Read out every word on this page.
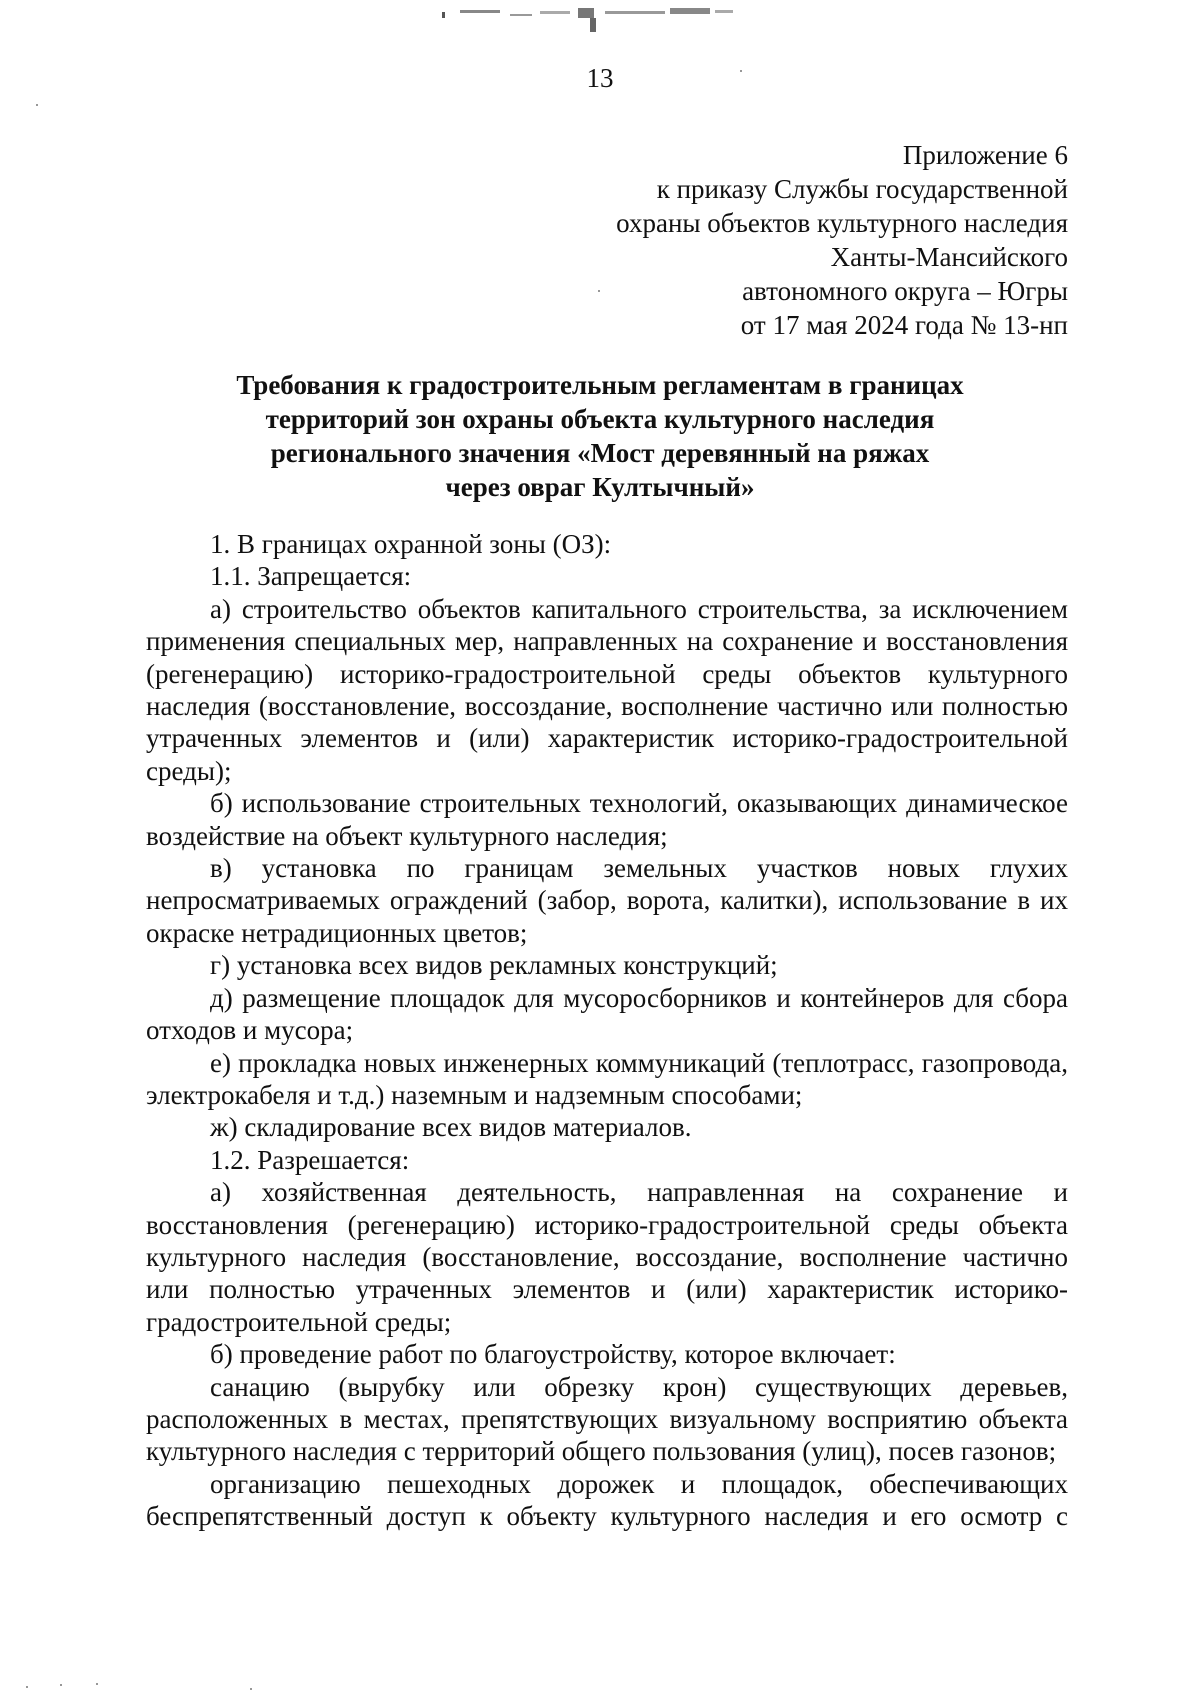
13
Приложение 6
к приказу Службы государственной
охраны объектов культурного наследия
Ханты-Мансийского
автономного округа – Югры
от 17 мая 2024 года № 13-нп
Требования к градостроительным регламентам в границах
территорий зон охраны объекта культурного наследия
регионального значения «Мост деревянный на ряжах
через овраг Култычный»

1. В границах охранной зоны (ОЗ):

1.1. Запрещается:

а) строительство объектов капитального строительства, за исключением применения специальных мер, направленных на сохранение и восстановления (регенерацию) историко-градостроительной среды объектов культурного наследия (восстановление, воссоздание, восполнение частично или полностью утраченных элементов и (или) характеристик историко-градостроительной среды);

б) использование строительных технологий, оказывающих динамическое воздействие на объект культурного наследия;

в) установка по границам земельных участков новых глухих непросматриваемых ограждений (забор, ворота, калитки), использование в их окраске нетрадиционных цветов;

г) установка всех видов рекламных конструкций;

д) размещение площадок для мусоросборников и контейнеров для сбора отходов и мусора;

е) прокладка новых инженерных коммуникаций (теплотрасс, газопровода, электрокабеля и т.д.) наземным и надземным способами;

ж) складирование всех видов материалов.

1.2. Разрешается:

а) хозяйственная деятельность, направленная на сохранение и восстановления (регенерацию) историко-градостроительной среды объекта культурного наследия (восстановление, воссоздание, восполнение частично или полностью утраченных элементов и (или) характеристик историко-градостроительной среды;

б) проведение работ по благоустройству, которое включает:

санацию (вырубку или обрезку крон) существующих деревьев, расположенных в местах, препятствующих визуальному восприятию объекта культурного наследия с территорий общего пользования (улиц), посев газонов;

организацию пешеходных дорожек и площадок, обеспечивающих беспрепятственный доступ к объекту культурного наследия и его осмотр с
